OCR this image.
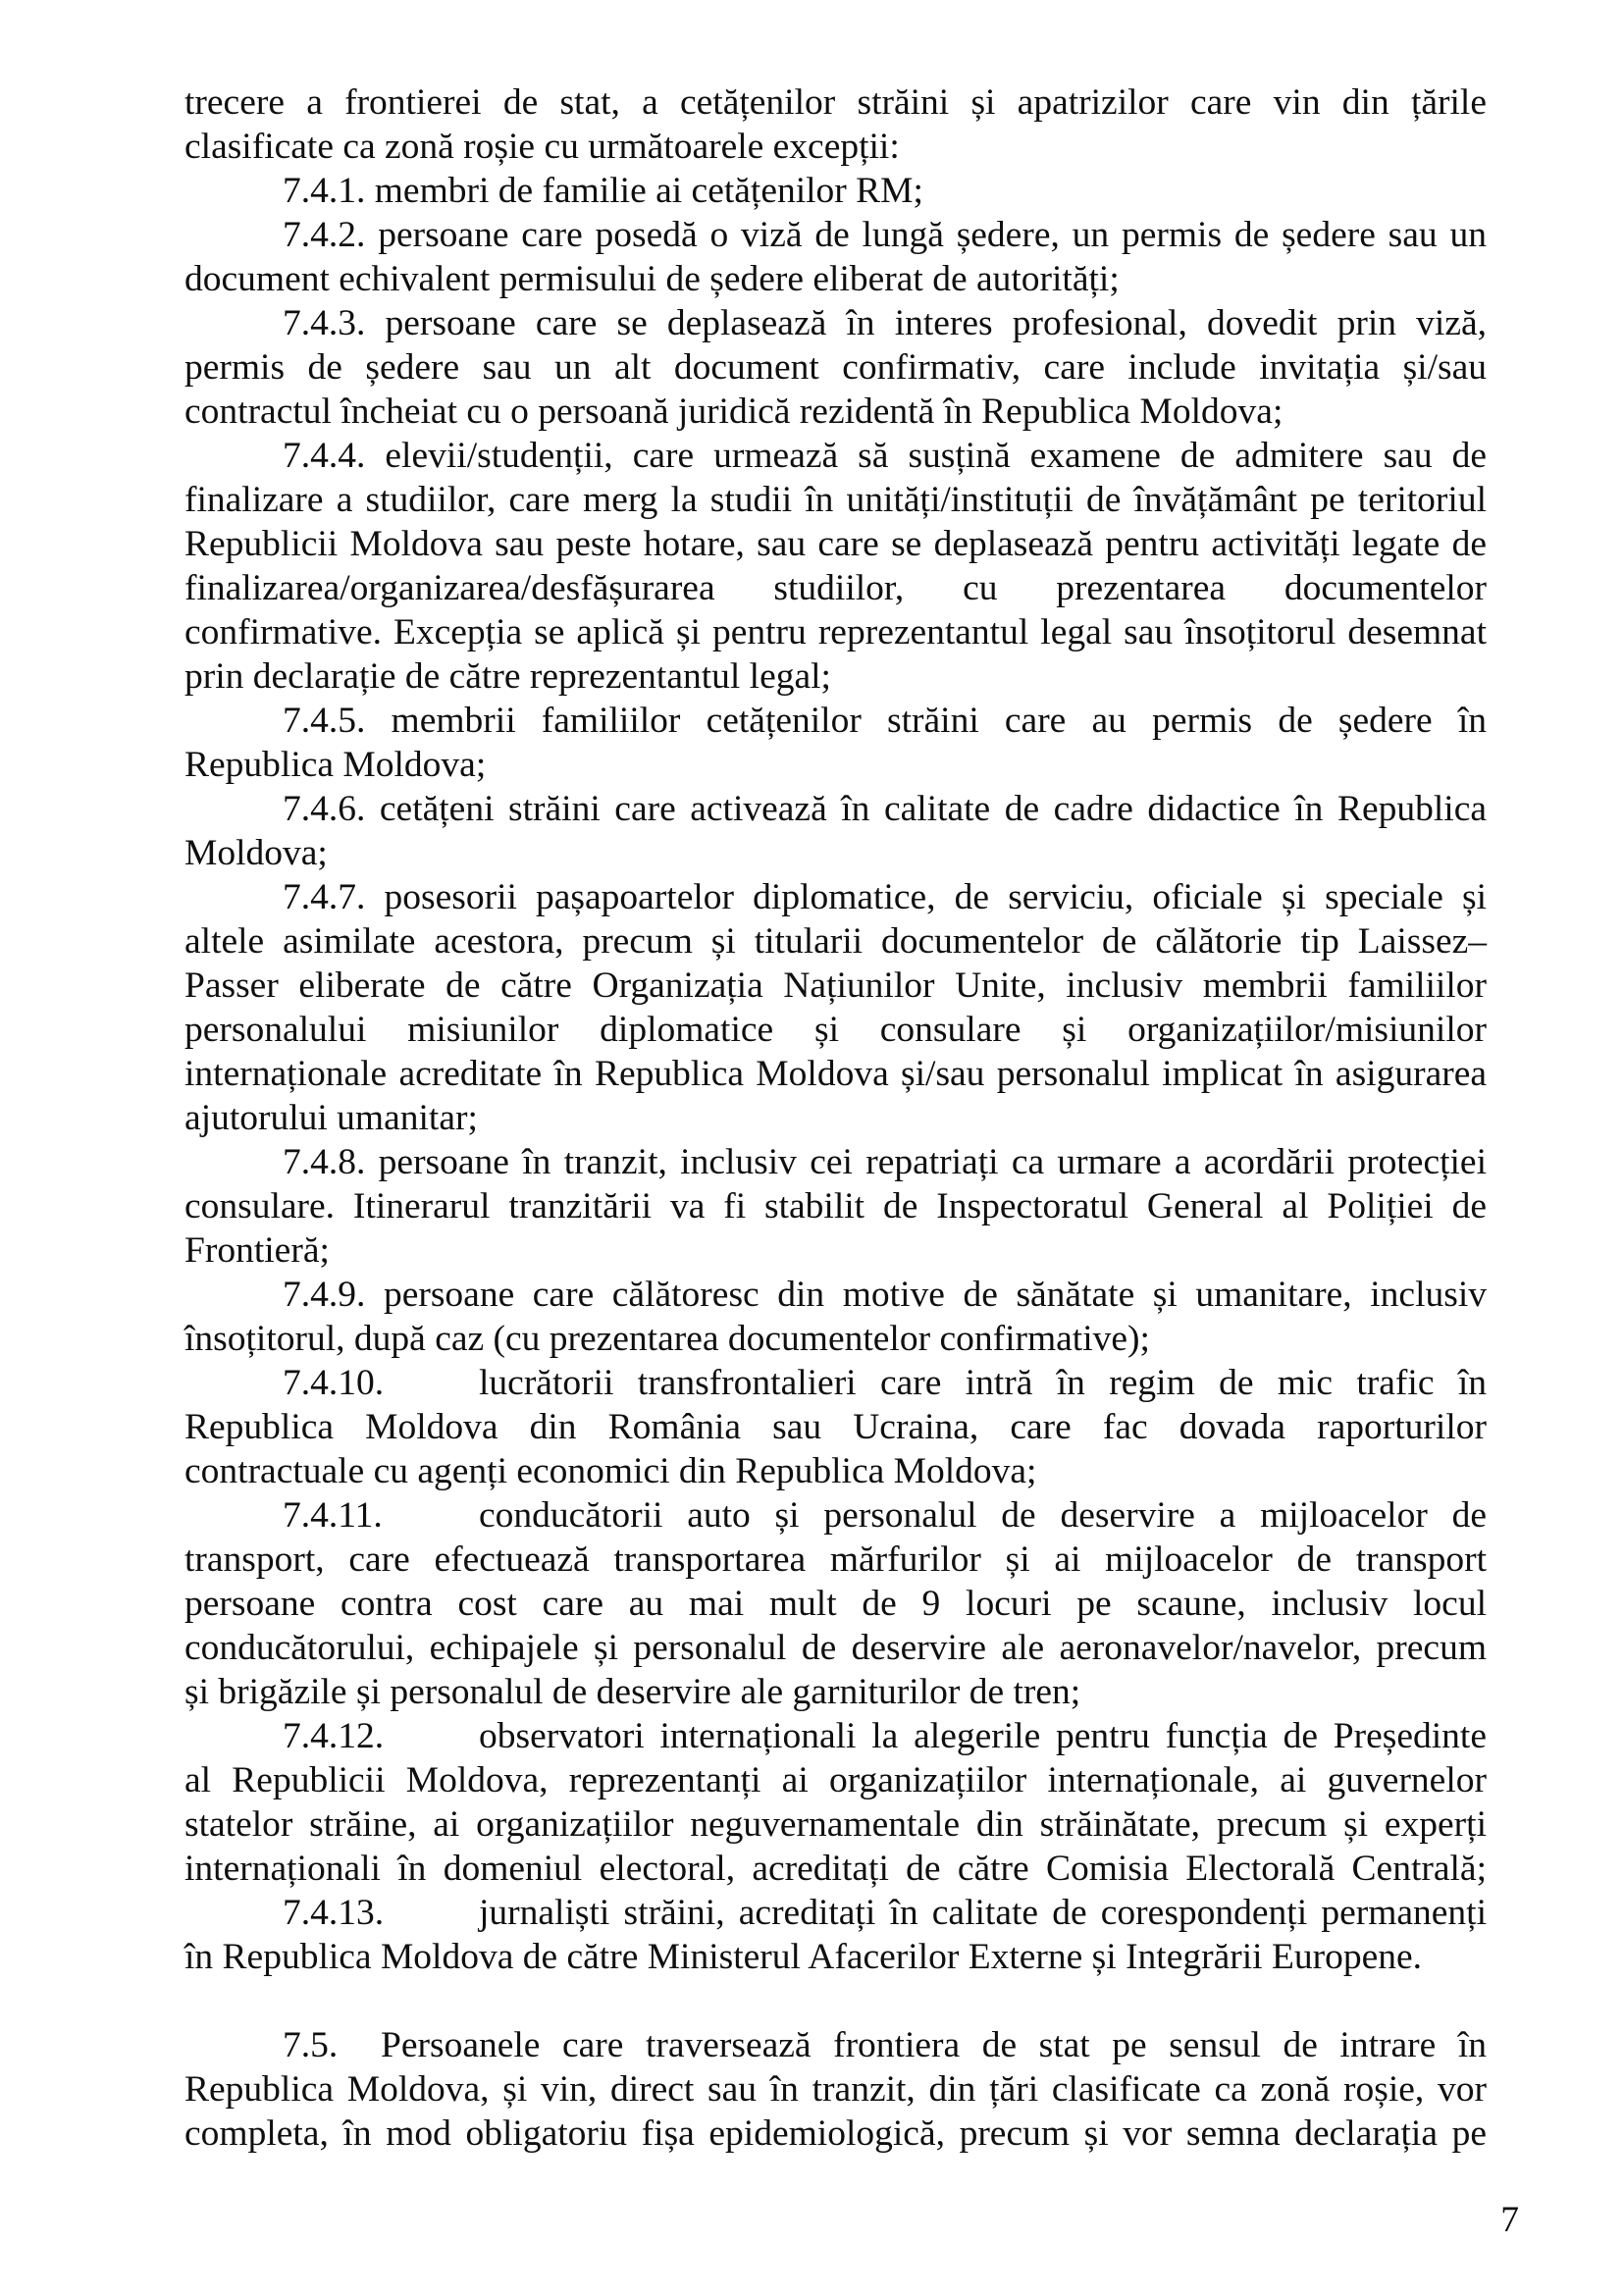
trecere a frontierei de stat, a cetățenilor străini și apatrizilor care vin din țările
clasificate ca zonă roșie cu următoarele excepții:
7.4.1. membri de familie ai cetățenilor RM;
7.4.2. persoane care posedă o viză de lungă ședere, un permis de ședere sau un
document echivalent permisului de ședere eliberat de autorități;
7.4.3. persoane care se deplasează în interes profesional, dovedit prin viză,
permis de ședere sau un alt document confirmativ, care include invitația și/sau
contractul încheiat cu o persoană juridică rezidentă în Republica Moldova;
7.4.4. elevii/studenții, care urmează să susțină examene de admitere sau de
finalizare a studiilor, care merg la studii în unități/instituții de învățământ pe teritoriul
Republicii Moldova sau peste hotare, sau care se deplasează pentru activități legate de
finalizarea/organizarea/desfășurarea studiilor, cu prezentarea documentelor
confirmative. Excepția se aplică și pentru reprezentantul legal sau însoțitorul desemnat
prin declarație de către reprezentantul legal;
7.4.5. membrii familiilor cetățenilor străini care au permis de ședere în
Republica Moldova;
7.4.6. cetățeni străini care activează în calitate de cadre didactice în Republica
Moldova;
7.4.7. posesorii pașapoartelor diplomatice, de serviciu, oficiale și speciale și
altele asimilate acestora, precum și titularii documentelor de călătorie tip Laissez–
Passer eliberate de către Organizația Națiunilor Unite, inclusiv membrii familiilor
personalului misiunilor diplomatice și consulare și organizațiilor/misiunilor
internaționale acreditate în Republica Moldova și/sau personalul implicat în asigurarea
ajutorului umanitar;
7.4.8. persoane în tranzit, inclusiv cei repatriați ca urmare a acordării protecției
consulare. Itinerarul tranzitării va fi stabilit de Inspectoratul General al Poliției de
Frontieră;
7.4.9. persoane care călătoresc din motive de sănătate și umanitare, inclusiv
însoțitorul, după caz (cu prezentarea documentelor confirmative);
7.4.10.	lucrătorii transfrontalieri care intră în regim de mic trafic în
Republica Moldova din România sau Ucraina, care fac dovada raporturilor
contractuale cu agenți economici din Republica Moldova;
7.4.11.	conducătorii auto și personalul de deservire a mijloacelor de
transport, care efectuează transportarea mărfurilor și ai mijloacelor de transport
persoane contra cost care au mai mult de 9 locuri pe scaune, inclusiv locul
conducătorului, echipajele și personalul de deservire ale aeronavelor/navelor, precum
și brigăzile și personalul de deservire ale garniturilor de tren;
7.4.12.	observatori internaționali la alegerile pentru funcția de Președinte
al Republicii Moldova, reprezentanți ai organizațiilor internaționale, ai guvernelor
statelor străine, ai organizațiilor neguvernamentale din străinătate, precum și experți
internaționali în domeniul electoral, acreditați de către Comisia Electorală Centrală;
7.4.13.	jurnaliști străini, acreditați în calitate de corespondenți permanenți
în Republica Moldova de către Ministerul Afacerilor Externe și Integrării Europene.
7.5. Persoanele care traversează frontiera de stat pe sensul de intrare în
Republica Moldova, și vin, direct sau în tranzit, din țări clasificate ca zonă roșie, vor
completa, în mod obligatoriu fișa epidemiologică, precum și vor semna declarația pe
7
